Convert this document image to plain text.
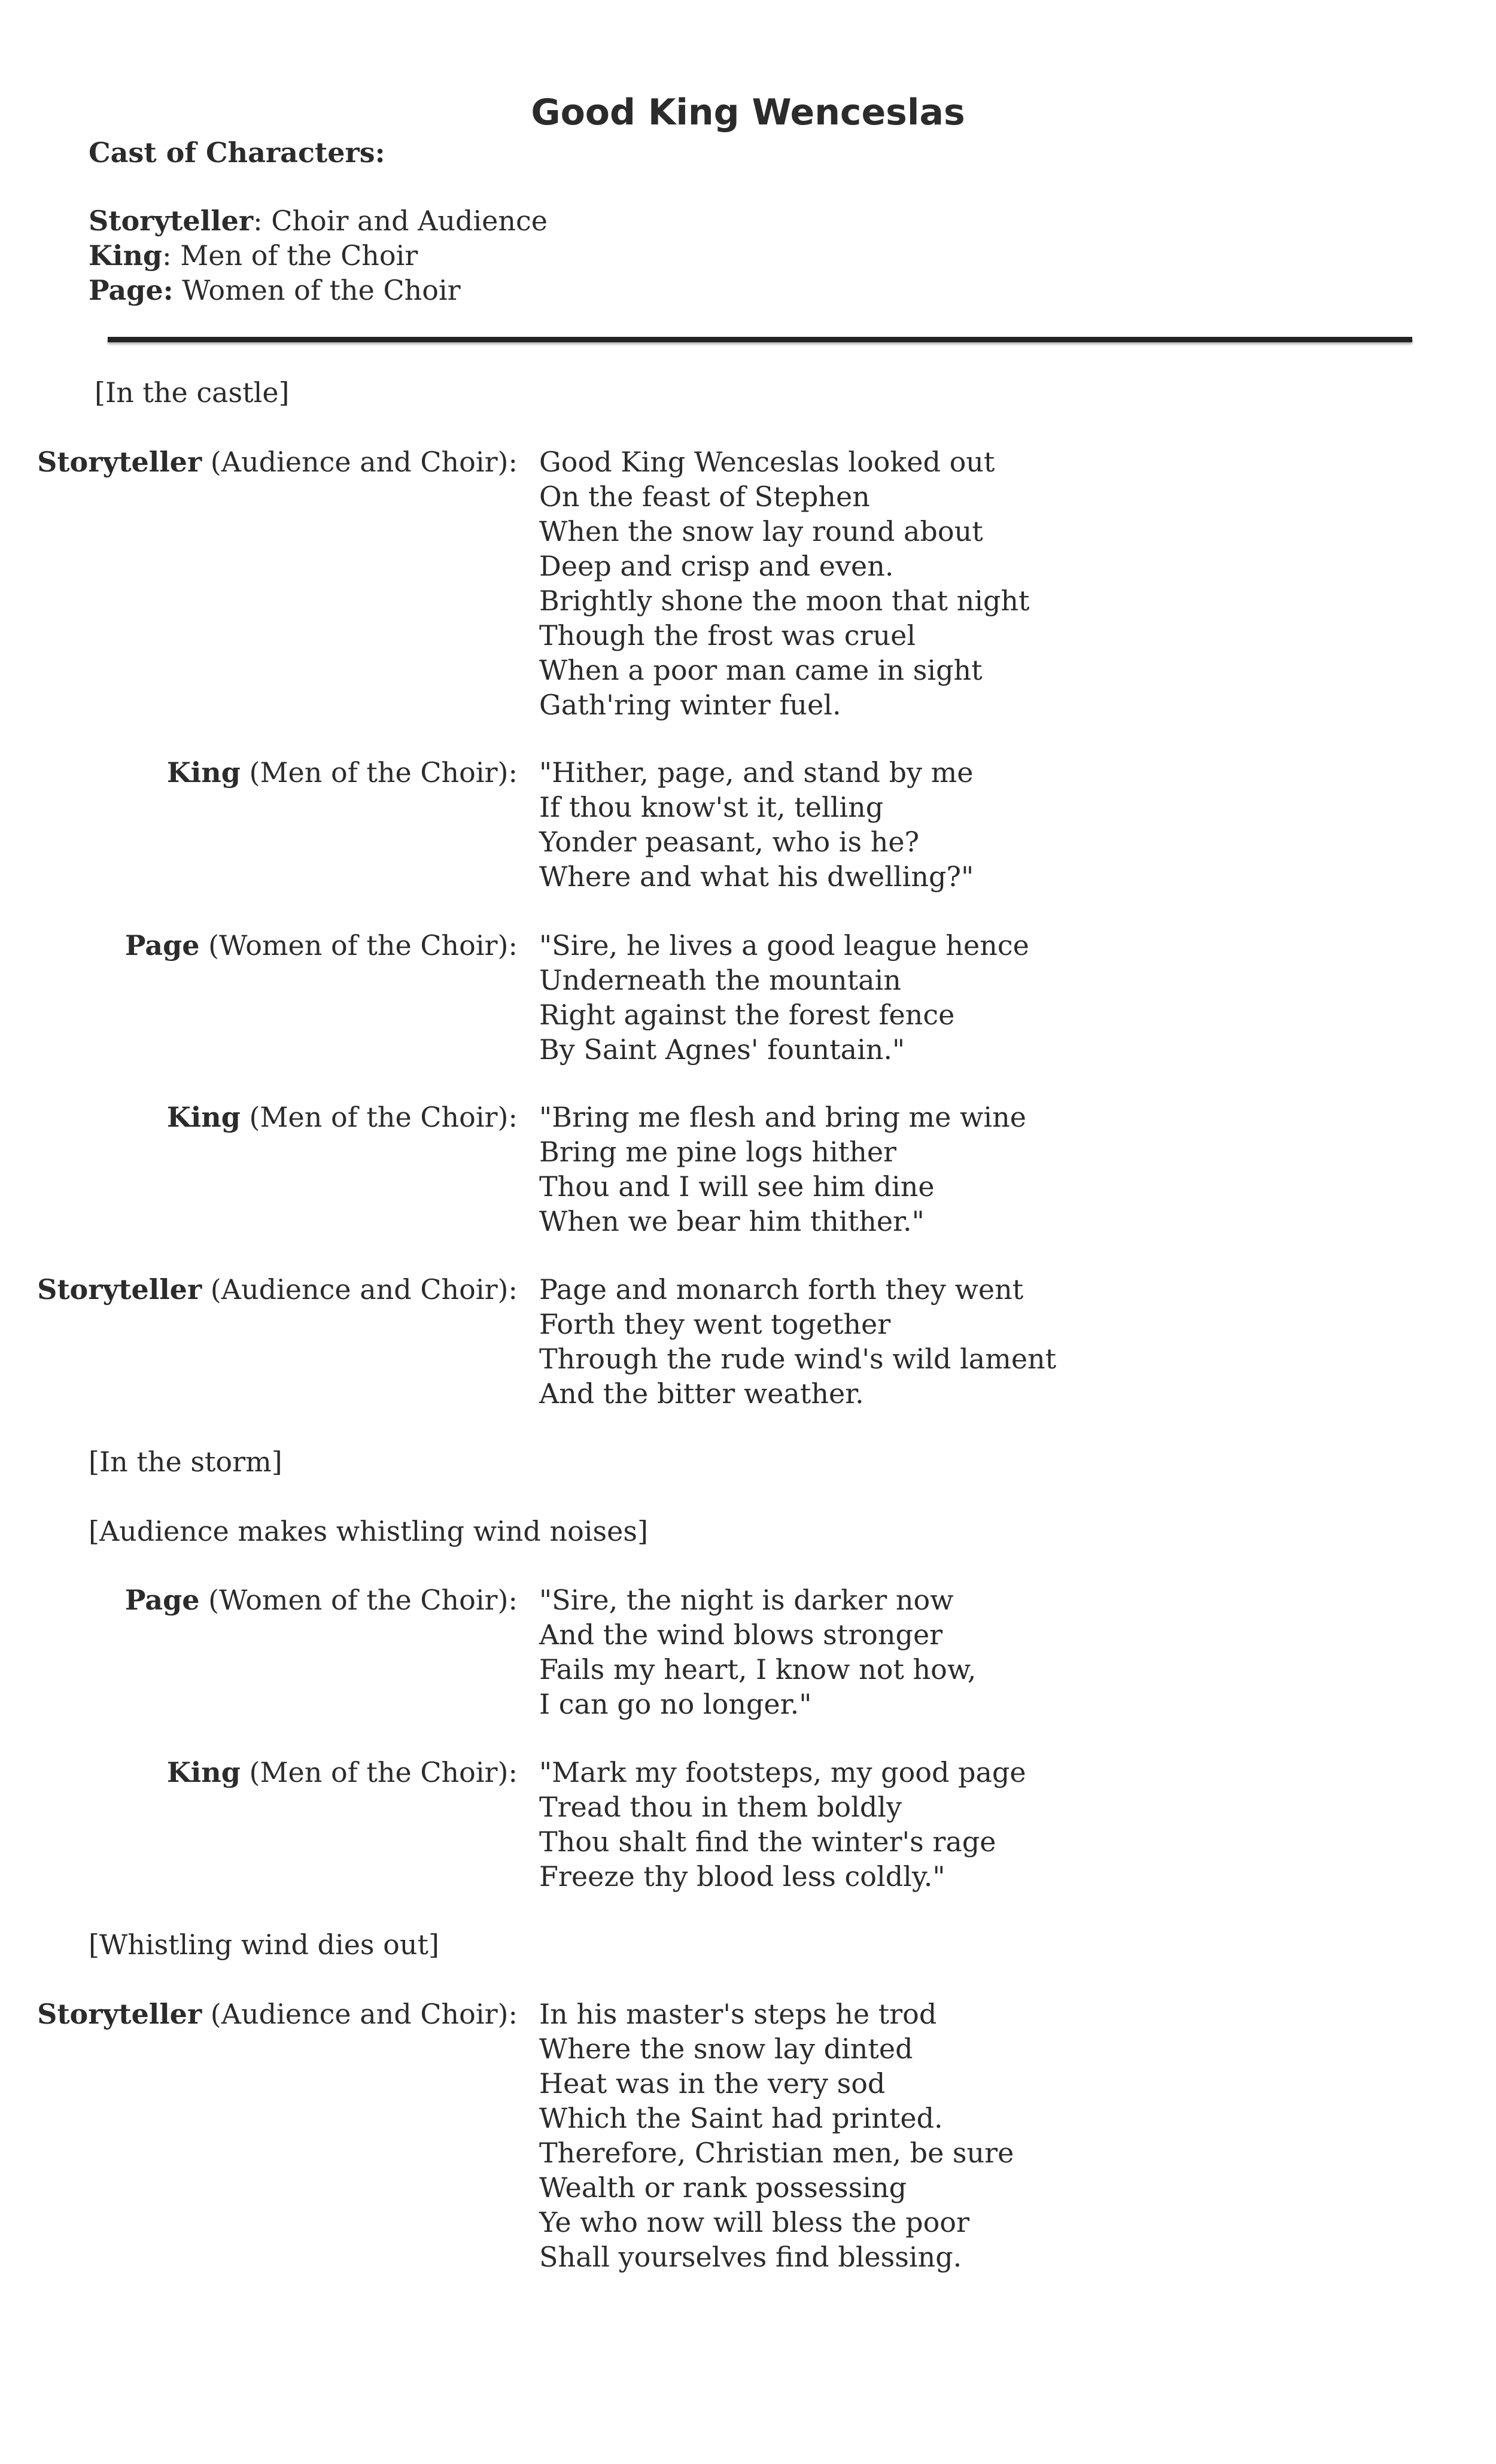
Good King Wenceslas
Cast of Characters:
Storyteller: Choir and Audience
King: Men of the Choir
Page: Women of the Choir
[In the castle]
Storyteller (Audience and Choir): Good King Wenceslas looked out
On the feast of Stephen
When the snow lay round about
Deep and crisp and even.
Brightly shone the moon that night
Though the frost was cruel
When a poor man came in sight
Gath'ring winter fuel.
King (Men of the Choir): "Hither, page, and stand by me
If thou know'st it, telling
Yonder peasant, who is he?
Where and what his dwelling?"
Page (Women of the Choir): "Sire, he lives a good league hence
Underneath the mountain
Right against the forest fence
By Saint Agnes' fountain."
King (Men of the Choir): "Bring me flesh and bring me wine
Bring me pine logs hither
Thou and I will see him dine
When we bear him thither."
Storyteller (Audience and Choir): Page and monarch forth they went
Forth they went together
Through the rude wind's wild lament
And the bitter weather.
[In the storm]
[Audience makes whistling wind noises]
Page (Women of the Choir): "Sire, the night is darker now
And the wind blows stronger
Fails my heart, I know not how,
I can go no longer."
King (Men of the Choir): "Mark my footsteps, my good page
Tread thou in them boldly
Thou shalt find the winter's rage
Freeze thy blood less coldly."
[Whistling wind dies out]
Storyteller (Audience and Choir): In his master's steps he trod
Where the snow lay dinted
Heat was in the very sod
Which the Saint had printed.
Therefore, Christian men, be sure
Wealth or rank possessing
Ye who now will bless the poor
Shall yourselves find blessing.
